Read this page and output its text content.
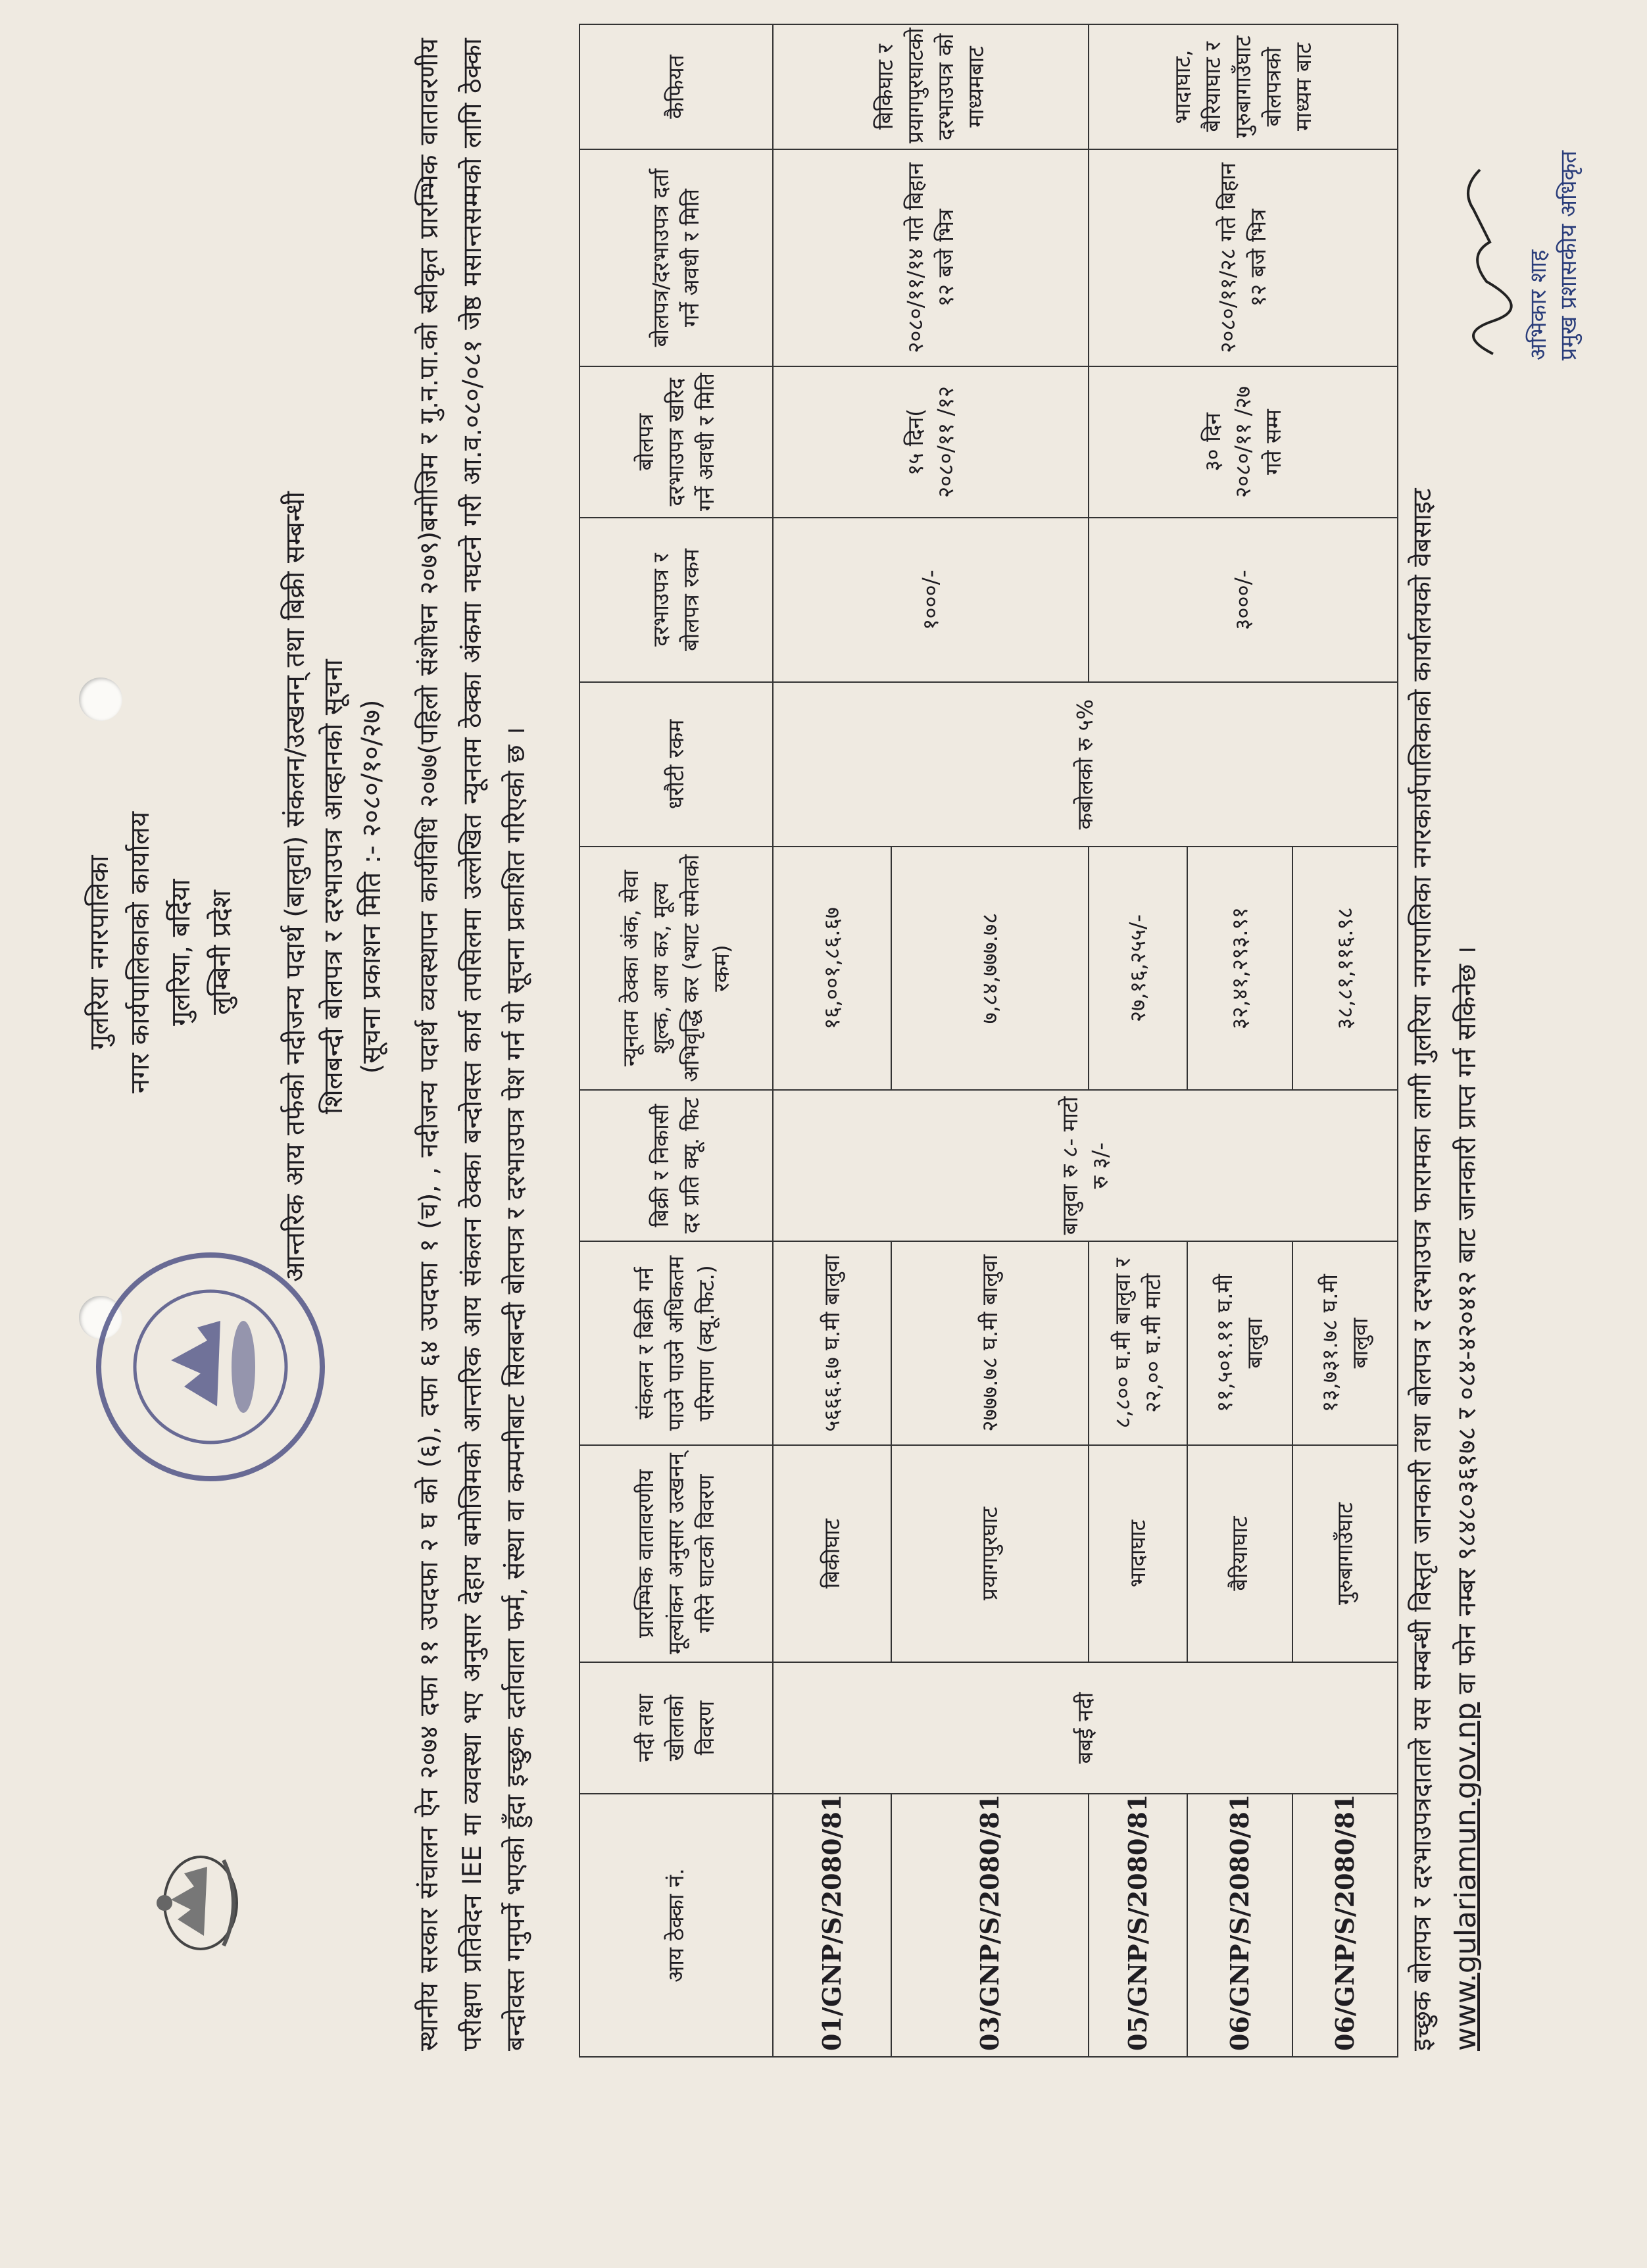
गुलरिया नगरपालिका नगर कार्यपालिकाको कार्यालय गुलरिया, बर्दिया लुम्बिनी प्रदेश आन्तरिक आय तर्फको नदीजन्य पदार्थ (बालुवा) संकलन/उत्खनन् तथा बिक्री सम्बन्धी शिलबन्दी बोलपत्र र दरभाउपत्र आव्हानको सूचना (सूचना प्रकाशन मिति :- २०८०/१०/२७) स्थानीय सरकार संचालन ऐन २०७४ दफा ११ उपदफा २ घ को (६), दफा ६४ उपदफा १ (च), , नदीजन्य पदार्थ व्यवस्थापन कार्यविधि २०७७(पहिलो संशोधन २०७९)बमोजिम र गु.न.पा.को स्वीकृत प्रारम्भिक वातावरणीय परीक्षण प्रतिवेदन IEE मा व्यवस्था भए अनुसार देहाय बमोजिमको आन्तरिक आय संकलन ठेक्का बन्दोवस्त कार्य तपसिलमा उल्लेखित न्यूनतम ठेक्का अंकमा नघटने गरी आ.व.०८०/०८१ जेष्ठ मसान्तसम्मको लागि ठेक्का बन्दोवस्त गनुपर्ने भएको हुँदा इच्छुक दर्तावाला फर्म, संस्था वा कम्पनीबाट सिलबन्दी बोलपत्र र दरभाउपत्र पेश गर्न यो सूचना प्रकाशित गरिएको छ ।	आय ठेक्का नं.	नदी तथा खोलाको विवरण	प्रारम्भिक वातावरणीय मूल्यांकन अनुसार उत्खनन् गरिने घाटको विवरण	संकलन र बिक्री गर्न पाउने पाउने अधिकतम परिमाण (क्यू.फिट.)	बिक्री र निकासी दर प्रति क्यू. फिट	न्यूनतम ठेक्का अंक, सेवा शुल्क, आय कर, मूल्य अभिवृद्धि कर (भ्याट समेतको रकम)	धरौटी रकम	दरभाउपत्र र बोलपत्र रकम	बोलपत्र दरभाउपत्र खरिद गर्ने अवधी र मिति	बोलपत्र/दरभाउपत्र दर्ता गर्ने अवधी र मिति	कैफियत
01/GNP/S/2080/81	बबई नदी	बिकीघाट	५६६६.६७ घ.मी बालुवा	बालुवा रु ८- माटो रु ३/-	१६,००१,८६.६७	कबोलको रु ५%	१०००/-	१५ दिन( २०८०/११ /१२	२०८०/११/१४ गते बिहान १२ बजे भित्र	बिकिघाट र प्रयागपुरघाटको दरभाउपत्र को माध्यमबाट
03/GNP/S/2080/81		प्रयागपुरघाट	२७७७.७८ घ.मी बालुवा		७,८४,७७७.७८					
05/GNP/S/2080/81		भादाघाट	८,८०० घ.मी बालुवा र २२,०० घ.मी माटो		२७,१६,२५५/-		३०००/-	३० दिन २०८०/११ /२७ गते सम्म	२०८०/११/२८ गते बिहान १२ बजे भित्र	भादाघाट, बैरियाघाट र गुरुबागाउँघाट बोलपत्रको माध्यम बाट
06/GNP/S/2080/81		बैरियाघाट	११,५०१.११ घ.मी बालुवा		३२,४१,२९३.९१					
06/GNP/S/2080/81		गुरुबागाउँघाट	१३,७३१.७८ घ.मी बालुवा		३८,८१,११६.९८					इच्छुक बोलपत्र र दरभाउपत्रदाताले यस सम्बन्धी विस्तृत जानकारी तथा बोलपत्र र दरभाउपत्र फारामका लागी गुलरिया नगरपालिका नगरकार्यपालिकाको कार्यालयको वेबसाइट www.gulariamun.gov.np वा फोन नम्बर ९८४८०३६१७८ र ०८४-४२०४१२ बाट जानकारी प्राप्त गर्न सकिनेछ ।
अभिकार शाह प्रमुख प्रशासकीय अधिकृत
